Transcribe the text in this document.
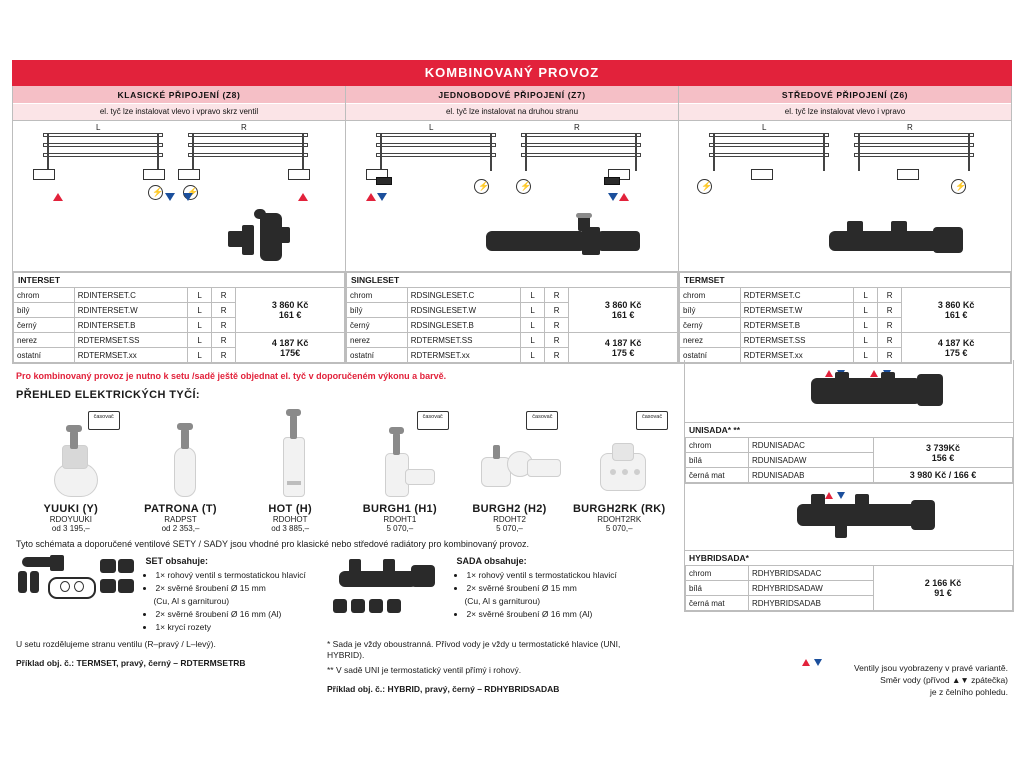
KOMBINOVANÝ PROVOZ
KLASICKÉ PŘIPOJENÍ (Z8)
el. tyč lze instalovat vlevo i vpravo skrz ventil
L
⚡
R
⚡
JEDNOBODOVÉ PŘIPOJENÍ (Z7)
el. tyč lze instalovat na druhou stranu
L
⚡
R
⚡
STŘEDOVÉ PŘIPOJENÍ (Z6)
el. tyč lze instalovat vlevo i vpravo
L
⚡
R
⚡
INTERSET
chrom	RDINTERSET.C	L	R	3 860 Kč
161 €
bílý	RDINTERSET.W	L	R	
černý	RDINTERSET.B	L	R	
nerez	RDTERMSET.SS	L	R	4 187 Kč
175€
ostatní	RDTERMSET.xx	L	R	
SINGLESET
chrom	RDSINGLESET.C	L	R	3 860 Kč
161 €
bílý	RDSINGLESET.W	L	R	
černý	RDSINGLESET.B	L	R	
nerez	RDTERMSET.SS	L	R	4 187 Kč
175 €
ostatní	RDTERMSET.xx	L	R	
TERMSET
chrom	RDTERMSET.C	L	R	3 860 Kč
161 €
bílý	RDTERMSET.W	L	R	
černý	RDTERMSET.B	L	R	
nerez	RDTERMSET.SS	L	R	4 187 Kč
175 €
ostatní	RDTERMSET.xx	L	R	
Pro kombinovaný provoz je nutno k setu /sadě ještě objednat el. tyč v doporučeném výkonu a barvě.
PŘEHLED ELEKTRICKÝCH TYČÍ:
časovač
YUUKI (Y)
RDOYUUKI
od 3 195,–
PATRONA (T)
RADPST
od 2 353,–
HOT (H)
RDOHOT
od 3 885,–
časovač
BURGH1 (H1)
RDOHT1
5 070,–
časovač
BURGH2 (H2)
RDOHT2
5 070,–
časovač
BURGH2RK (RK)
RDOHT2RK
5 070,–
Tyto schémata a doporučené ventilové SETY / SADY jsou vhodné pro klasické nebo středové radiátory pro kombinovaný provoz.
SET obsahuje:
• 1× rohový ventil s termostatickou hlavicí
• 2× svěrné šroubení Ø 15 mm
(Cu, Al s garniturou)
• 2× svěrné šroubení Ø 16 mm (Al)
• 1× krycí rozety
U setu rozdělujeme stranu ventilu (R–pravý / L–levý).
Příklad obj. č.: TERMSET, pravý, černý – RDTERMSETRB
SADA obsahuje:
• 1× rohový ventil s termostatickou hlavicí
• 2× svěrné šroubení Ø 15 mm
(Cu, Al s garniturou)
• 2× svěrné šroubení Ø 16 mm (Al)
* Sada je vždy oboustranná. Přívod vody je vždy u termostatické hlavice (UNI, HYBRID).
** V sadě UNI je termostatický ventil přímý i rohový.
Příklad obj. č.: HYBRID, pravý, černý – RDHYBRIDSADAB

UNISADA* **
chrom	RDUNISADAC	3 739Kč
156 €
bílá	RDUNISADAW	
černá mat	RDUNISADAB	3 980 Kč / 166 €

HYBRIDSADA*
chrom	RDHYBRIDSADAC	2 166 Kč
91 €
bílá	RDHYBRIDSADAW	
černá mat	RDHYBRIDSADAB	

Ventily jsou vyobrazeny v pravé variantě.
Směr vody (přívod ▲▼ zpátečka)
je z čelního pohledu.
